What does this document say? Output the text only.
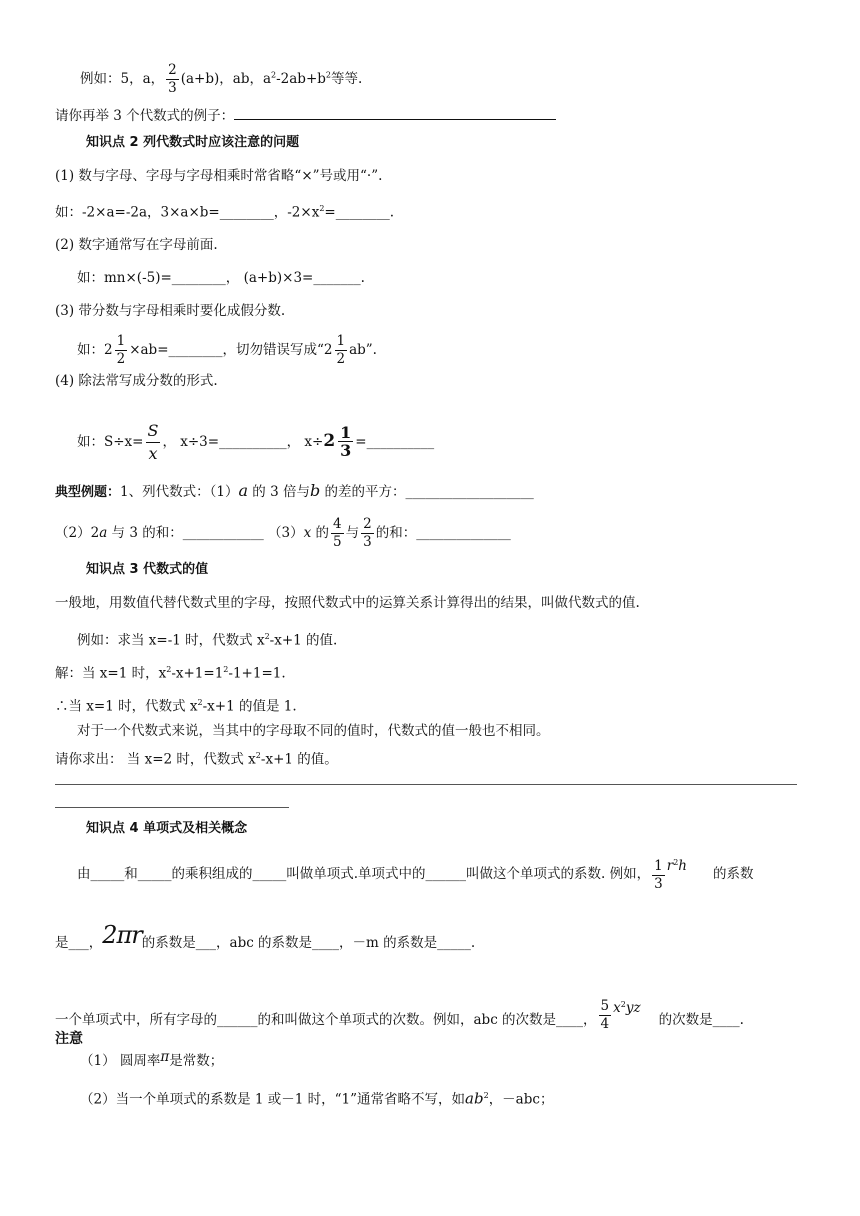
例如：5，a， $\frac{2}{3} (a+b)$，ab，$a^2-2ab+b^2$等等.
请你再举 3 个代数式的例子：
知识点 2 列代数式时应该注意的问题
(1) 数与字母、字母与字母相乘时常省略“×”号或用“·”.
如：-2×a=-2a，3×a×b=________，$-2\times x^2=\_\_\_\_\_\_\_\_$.
(2) 数字通常写在字母前面.
如：mn×(-5)=________， (a+b)×3=_______.
(3) 带分数与字母相乘时要化成假分数.
如：$2 \frac{1}{2}$ ×ab=________，切勿错误写成“$2 \frac{1}{2}$ ab”.
(4) 除法常写成分数的形式.
如：$S\div x= \frac{S}{x}$ ， x÷3=__________， $x\div 2 \frac{1}{3}$ =__________
典型例题：1、列代数式：（1）a 的 3 倍与b 的差的平方：___________________
（2）2a 与 3 的和：____________ （3）x 的 $\frac{4}{5}$ 与 $\frac{2}{3}$ 的和：______________
知识点 3 代数式的值
一般地，用数值代替代数式里的字母，按照代数式中的运算关系计算得出的结果，叫做代数式的值.
例如：求当 x=-1 时，代数式 $x^2-x+1$ 的值.
解：当 x=1 时，$x^2-x+1=1^2-1+1=1$.
∴当 x=1 时，代数式 $x^2-x+1$ 的值是 1.
对于一个代数式来说，当其中的字母取不同的值时，代数式的值一般也不相同。
请你求出： 当 x=2 时，代数式 $x^2-x+1$ 的值。
知识点 4 单项式及相关概念
由_____和_____的乘积组成的_____叫做单项式.单项式中的______叫做这个单项式的系数. 例如， $\frac{1}{3} r^2h$ 的系数
是___，2πr的系数是___，abc 的系数是____，－m 的系数是_____.
一个单项式中，所有字母的______的和叫做这个单项式的次数。例如，abc 的次数是____， $\frac{5}{4} x^2yz$的次数是____.
注意
（1） 圆周率π是常数；
（2）当一个单项式的系数是 1 或－1 时，“1”通常省略不写，如$ab^2$，－abc；
